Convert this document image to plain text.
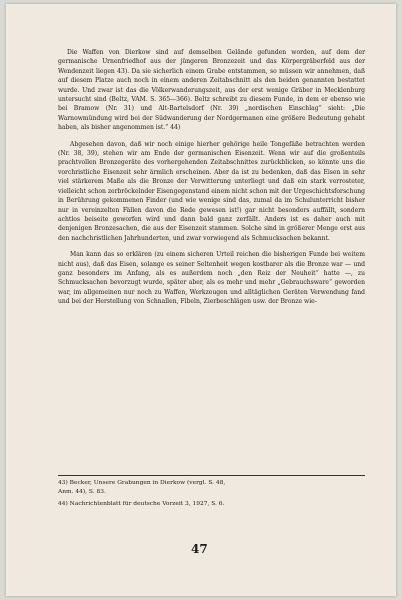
Die Waffen von Dierkow sind auf demselben Gelände gefunden worden, auf dem der germanische Urnenfriedhof aus der jüngeren Bronzezeit und das Körpergräberfeld aus der Wendenzeit liegen 43). Da sie sicherlich einem Grabe entstammen, so müssen wir annehmen, daß auf diesem Platze auch noch in einem anderen Zeitabschnitt als den beiden genannten bestattet wurde. Und zwar ist das die Völkerwanderungszeit, aus der erst wenige Gräber in Mecklenburg untersucht sind (Beltz, VAM. S. 365—366). Beltz schreibt zu diesem Funde, in dem er ebenso wie bei Bramow (Nr. 31) und Alt-Bartelsdorf (Nr. 39) „nordischen Einschlag“ sieht: „Die Warnowmündung wird bei der Südwanderung der Nordgermanen eine größere Bedeutung gehabt haben, als bisher angenommen ist.“ 44)

Abgesehen davon, daß wir noch einige hierher gehörige heile Tongefäße betrachten werden (Nr. 38, 39), stehen wir am Ende der germanischen Eisenzeit. Wenn wir auf die großenteils prachtvollen Bronzegeräte des vorhergehenden Zeitabschnittes zurückblicken, so könnte uns die vorchristliche Eisenzeit sehr ärmlich erscheinen. Aber da ist zu bedenken, daß das Eisen in sehr viel stärkerem Maße als die Bronze der Verwitterung unterliegt und daß ein stark verrosteter, vielleicht schon zerbröckelnder Eisengegenstand einem nicht schon mit der Urgeschichtsforschung in Berührung gekommenen Finder (und wie wenige sind das, zumal da im Schulunterricht bisher nur in vereinzelten Fällen davon die Rede gewesen ist!) gar nicht besonders auffällt, sondern achtlos beiseite geworfen wird und dann bald ganz zerfällt. Anders ist es daher auch mit denjenigen Bronzesachen, die aus der Eisenzeit stammen. Solche sind in größerer Menge erst aus den nachchristlichen Jahrhunderten, und zwar vorwiegend als Schmucksachen bekannt.

Man kann das so erklären (zu einem sicheren Urteil reichen die bisherigen Funde bei weitem nicht aus), daß das Eisen, solange es seiner Seltenheit wegen kostbarer als die Bronze war — und ganz besonders im Anfang, als es außerdem noch „den Reiz der Neuheit“ hatte —, zu Schmucksachen bevorzugt wurde, später aber, als es mehr und mehr „Gebrauchsware“ geworden war, im allgemeinen nur noch zu Waffen, Werkzeugen und alltäglichen Geräten Verwendung fand und bei der Herstellung von Schnallen, Fibeln, Zierbeschlägen usw. der Bronze wie-

43) Becker, Unsere Grabungen in Dierkow (vergl. S. 48,
Anm. 44), S. 83.
44) Nachrichtenblatt für deutsche Vorzeit 3, 1927, S. 6.
47
